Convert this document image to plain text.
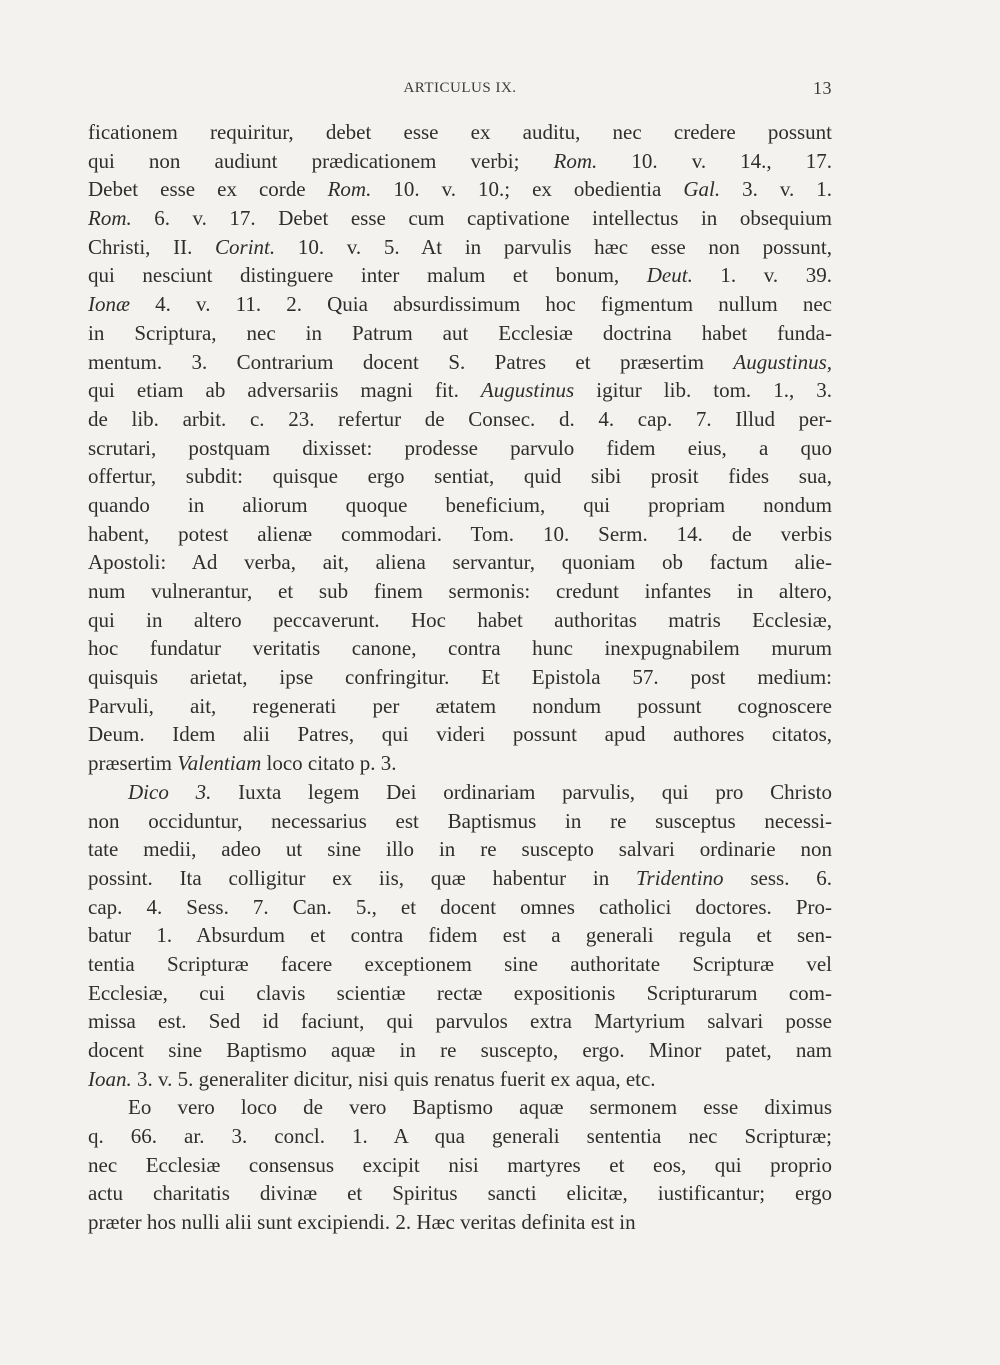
ARTICULUS IX.	13
ficationem requiritur, debet esse ex auditu, nec credere possunt
qui non audiunt prædicationem verbi; Rom. 10. v. 14., 17.
Debet esse ex corde Rom. 10. v. 10.; ex obedientia Gal. 3. v. 1.
Rom. 6. v. 17. Debet esse cum captivatione intellectus in obsequium
Christi, II. Corint. 10. v. 5. At in parvulis hæc esse non possunt,
qui nesciunt distinguere inter malum et bonum, Deut. 1. v. 39.
Ionæ 4. v. 11. 2. Quia absurdissimum hoc figmentum nullum nec
in Scriptura, nec in Patrum aut Ecclesiæ doctrina habet funda-
mentum. 3. Contrarium docent S. Patres et præsertim Augustinus,
qui etiam ab adversariis magni fit. Augustinus igitur lib. tom. 1., 3.
de lib. arbit. c. 23. refertur de Consec. d. 4. cap. 7. Illud per-
scrutari, postquam dixisset: prodesse parvulo fidem eius, a quo
offertur, subdit: quisque ergo sentiat, quid sibi prosit fides sua,
quando in aliorum quoque beneficium, qui propriam nondum
habent, potest alienæ commodari. Tom. 10. Serm. 14. de verbis
Apostoli: Ad verba, ait, aliena servantur, quoniam ob factum alie-
num vulnerantur, et sub finem sermonis: credunt infantes in altero,
qui in altero peccaverunt. Hoc habet authoritas matris Ecclesiæ,
hoc fundatur veritatis canone, contra hunc inexpugnabilem murum
quisquis arietat, ipse confringitur. Et Epistola 57. post medium:
Parvuli, ait, regenerati per ætatem nondum possunt cognoscere
Deum. Idem alii Patres, qui videri possunt apud authores citatos,
præsertim Valentiam loco citato p. 3.
Dico 3. Iuxta legem Dei ordinariam parvulis, qui pro Christo
non occiduntur, necessarius est Baptismus in re susceptus necessi-
tate medii, adeo ut sine illo in re suscepto salvari ordinarie non
possint. Ita colligitur ex iis, quæ habentur in Tridentino sess. 6.
cap. 4. Sess. 7. Can. 5., et docent omnes catholici doctores. Pro-
batur 1. Absurdum et contra fidem est a generali regula et sen-
tentia Scripturæ facere exceptionem sine authoritate Scripturæ vel
Ecclesiæ, cui clavis scientiæ rectæ expositionis Scripturarum com-
missa est. Sed id faciunt, qui parvulos extra Martyrium salvari posse
docent sine Baptismo aquæ in re suscepto, ergo. Minor patet, nam
Ioan. 3. v. 5. generaliter dicitur, nisi quis renatus fuerit ex aqua, etc.
Eo vero loco de vero Baptismo aquæ sermonem esse diximus
q. 66. ar. 3. concl. 1. A qua generali sententia nec Scripturæ;
nec Ecclesiæ consensus excipit nisi martyres et eos, qui proprio
actu charitatis divinæ et Spiritus sancti elicitæ, iustificantur; ergo
præter hos nulli alii sunt excipiendi. 2. Hæc veritas definita est in
